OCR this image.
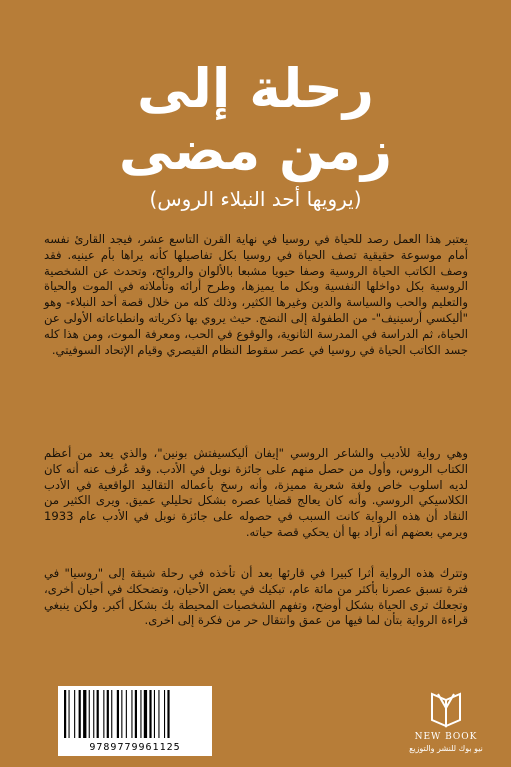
رحلة إلى
زمن مضى
(يرويها أحد النبلاء الروس)
يعتبر هذا العمل رصد للحياة في روسيا في نهاية القرن التاسع عشر، فيجد القارئ نفسه أمام موسوعة حقيقية تصف الحياة في روسيا بكل تفاصيلها كأنه يراها بأم عينيه. فقد وصف الكاتب الحياة الروسية وصفا حيويا مشبعا بالألوان والروائح، وتحدث عن الشخصية الروسية بكل دواخلها النفسية وبكل ما يميزها، وطرح أرائه وتأملاته في الموت والحياة والتعليم والحب والسياسة والدين وغيرها الكثير، وذلك كله من خلال قصة أحد النبلاء- وهو "أليكسي أرسينيف"- من الطفولة إلى النضج. حيث يروي بها ذكرياته وانطباعاته الأولى عن الحياة، ثم الدراسة في المدرسة الثانوية، والوقوع في الحب، ومعرفة الموت، ومن هذا كله جسد الكاتب الحياة في روسيا في عصر سقوط النظام القيصري وقيام الإتحاد السوفيتي.
وهي رواية للأديب والشاعر الروسي "إيفان أليكسيفتش بونين"، والذي يعد من أعظم الكتاب الروس، وأول من حصل منهم على جائزة نوبل في الأدب. وقد عُرف عنه أنه كان لديه اسلوب خاص ولغة شعرية مميزة، وأنه رسخ بأعماله التقاليد الواقعية في الأدب الكلاسيكي الروسي. وأنه كان يعالج قضايا عصره بشكل تحليلي عميق. ويرى الكثير من النقاد أن هذه الرواية كانت السبب في حصوله على جائزة نوبل في الأدب عام 1933 ويرمي بعضهم أنه أراد بها أن يحكي قصة حياته.
وتترك هذه الرواية أثرا كبيرا في قارئها بعد أن تأخذه في رحلة شيقة إلى "روسيا" في فترة تسبق عصرنا بأكثر من مائة عام، تبكيك في بعض الأحيان، وتضحكك في أحيان أخرى، وتجعلك ترى الحياة بشكل أوضح، وتفهم الشخصيات المحيطة بك بشكل أكبر. ولكن ينبغي قراءة الرواية بتأن لما فيها من عمق وانتقال حر من فكرة إلى اخرى.
9789779961125
NEW BOOK
نيو بوك للنشر والتوزيع
